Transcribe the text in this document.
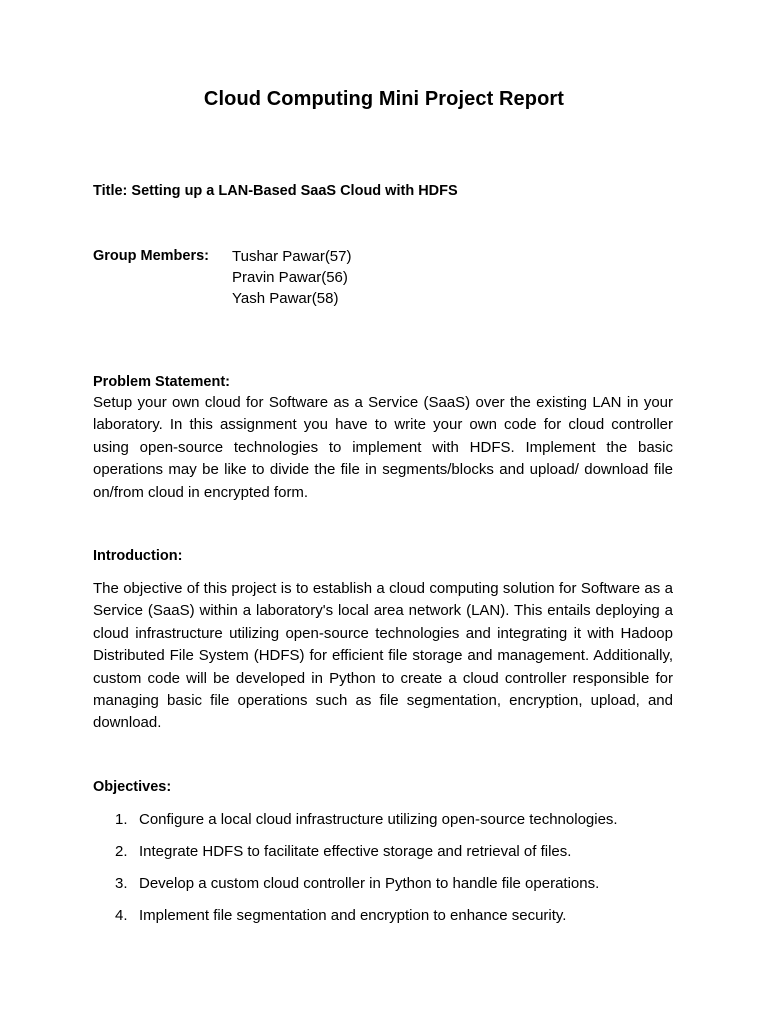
Cloud Computing Mini Project Report
Title: Setting up a LAN-Based SaaS Cloud with HDFS
Group Members: Tushar Pawar(57)
Pravin Pawar(56)
Yash Pawar(58)
Problem Statement:
Setup your own cloud for Software as a Service (SaaS) over the existing LAN in your laboratory. In this assignment you have to write your own code for cloud controller using open-source technologies to implement with HDFS. Implement the basic operations may be like to divide the file in segments/blocks and upload/ download file on/from cloud in encrypted form.
Introduction:
The objective of this project is to establish a cloud computing solution for Software as a Service (SaaS) within a laboratory's local area network (LAN). This entails deploying a cloud infrastructure utilizing open-source technologies and integrating it with Hadoop Distributed File System (HDFS) for efficient file storage and management. Additionally, custom code will be developed in Python to create a cloud controller responsible for managing basic file operations such as file segmentation, encryption, upload, and download.
Objectives:
1. Configure a local cloud infrastructure utilizing open-source technologies.
2. Integrate HDFS to facilitate effective storage and retrieval of files.
3. Develop a custom cloud controller in Python to handle file operations.
4. Implement file segmentation and encryption to enhance security.
